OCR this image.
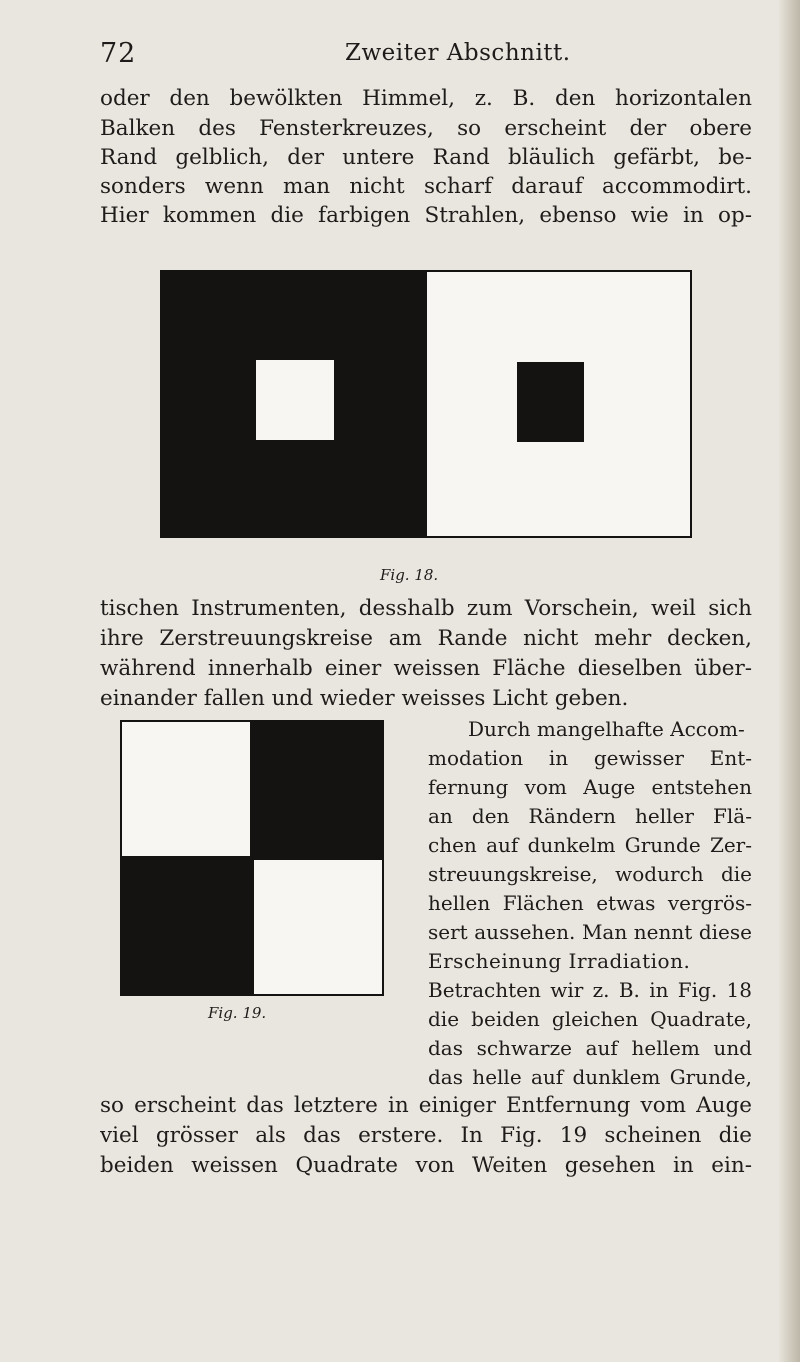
72	Zweiter Abschnitt.
oder den bewölkten Himmel, z. B. den horizontalen
Balken des Fensterkreuzes, so erscheint der obere
Rand gelblich, der untere Rand bläulich gefärbt, be-
sonders wenn man nicht scharf darauf accommodirt.
Hier kommen die farbigen Strahlen, ebenso wie in op-
Fig. 18.
tischen Instrumenten, desshalb zum Vorschein, weil sich
ihre Zerstreuungskreise am Rande nicht mehr decken,
während innerhalb einer weissen Fläche dieselben über-
einander fallen und wieder weisses Licht geben.
Fig. 19.
Durch mangelhafte Accom-
modation in gewisser Ent-
fernung vom Auge entstehen
an den Rändern heller Flä-
chen auf dunkelm Grunde Zer-
streuungskreise, wodurch die
hellen Flächen etwas vergrös-
sert aussehen. Man nennt diese
Erscheinung Irradiation.
Betrachten wir z. B. in Fig. 18
die beiden gleichen Quadrate,
das schwarze auf hellem und
das helle auf dunklem Grunde,
so erscheint das letztere in einiger Entfernung vom Auge
viel grösser als das erstere. In Fig. 19 scheinen die
beiden weissen Quadrate von Weiten gesehen in ein-
